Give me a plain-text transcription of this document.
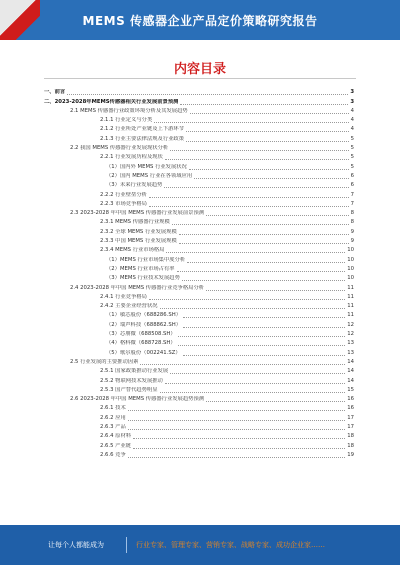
MEMS 传感器企业产品定价策略研究报告
内容目录
一、前言	3
二、2023-2028年MEMS传感器相关行业发展前景预测	3
2.1 MEMS 传感器行业政策环境分析及其发展趋势	4
2.1.1 行业定义与分类	4
2.1.2 行业所处产业链及上下游环节	4
2.1.3 行业主要法律法规及行业政策	5
2.2 我国 MEMS 传感器行业发展现状分析	5
2.2.1 行业发展历程及现状	5
（1）国内外 MEMS 行业发展状况	5
（2）国内 MEMS 行业在各领域应用	6
（3）未来行业发展趋势	6
2.2.2 行业壁垒分析	7
2.2.3 市场竞争格局	7
2.3 2023-2028 年中国 MEMS 传感器行业发展前景预测	8
2.3.1 MEMS 传感器行业规模	8
2.3.2 全球 MEMS 行业发展规模	9
2.3.3 中国 MEMS 行业发展规模	9
2.3.4 MEMS 行业市场格局	10
（1）MEMS 行业市场集中度分析	10
（2）MEMS 行业市场占有率	10
（3）MEMS 行业技术发展趋势	10
2.4 2023-2028 年中国 MEMS 传感器行业竞争格局分析	11
2.4.1 行业竞争格局	11
2.4.2 主要企业经营状况	11
（1）敏芯股份（688286.SH）	11
（2）瑞声科技（688862.SH）	12
（3）芯朋微（688508.SH）	12
（4）格科微（688728.SH）	13
（5）歌尔股份（002241.SZ）	13
2.5 行业发展的主要推动因素	14
2.5.1 国家政策推动行业发展	14
2.5.2 物联网技术发展推动	14
2.5.3 国产替代趋势明显	15
2.6 2023-2028 年中国 MEMS 传感器行业发展趋势预测	16
2.6.1 技术	16
2.6.2 应用	17
2.6.3 产品	17
2.6.4 原材料	18
2.6.5 产业链	18
2.6.6 竞争	19
让每个人都能成为	行业专家、管理专家、营销专家、战略专家、成功企业家……
